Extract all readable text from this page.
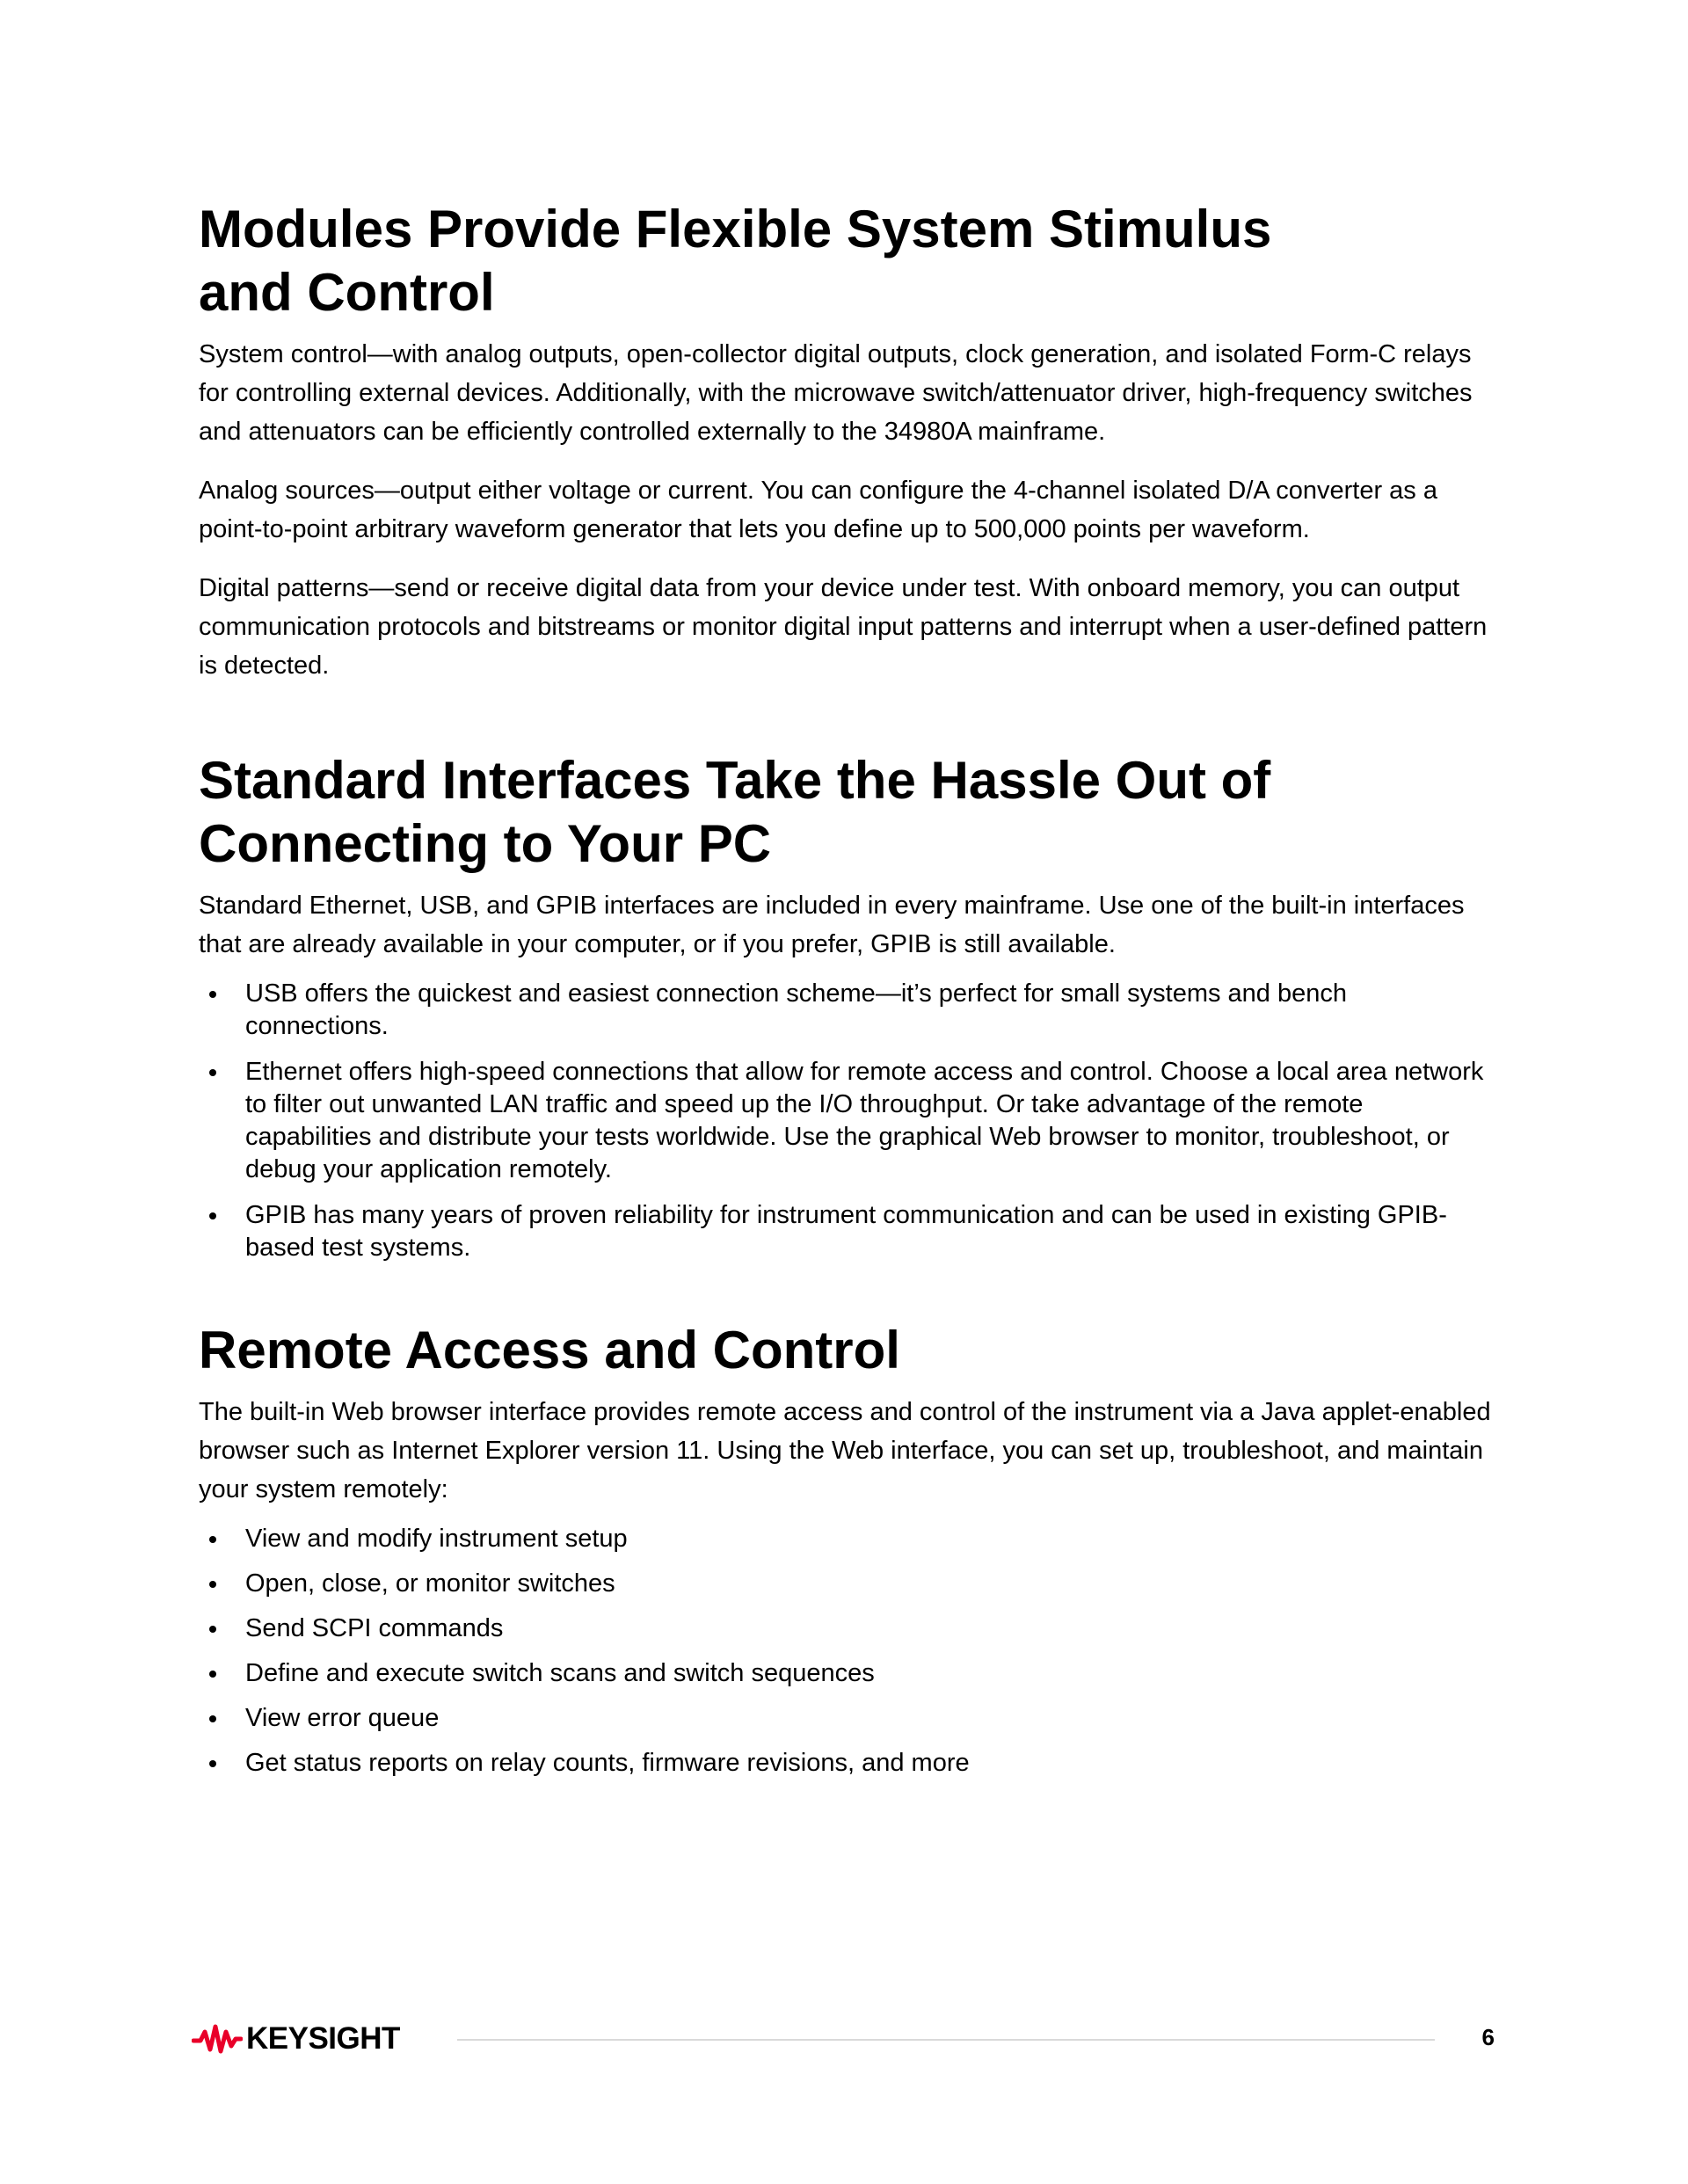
Modules Provide Flexible System Stimulus
and Control

System control—with analog outputs, open-collector digital outputs, clock generation, and isolated Form-C relays for controlling external devices. Additionally, with the microwave switch/attenuator driver, high-frequency switches and attenuators can be efficiently controlled externally to the 34980A mainframe.

Analog sources—output either voltage or current. You can configure the 4-channel isolated D/A converter as a point-to-point arbitrary waveform generator that lets you define up to 500,000 points per waveform.

Digital patterns—send or receive digital data from your device under test. With onboard memory, you can output communication protocols and bitstreams or monitor digital input patterns and interrupt when a user-defined pattern is detected.

Standard Interfaces Take the Hassle Out of
Connecting to Your PC

Standard Ethernet, USB, and GPIB interfaces are included in every mainframe. Use one of the built-in interfaces that are already available in your computer, or if you prefer, GPIB is still available.

USB offers the quickest and easiest connection scheme—it’s perfect for small systems and bench connections.
Ethernet offers high-speed connections that allow for remote access and control. Choose a local area network to filter out unwanted LAN traffic and speed up the I/O throughput. Or take advantage of the remote capabilities and distribute your tests worldwide. Use the graphical Web browser to monitor, troubleshoot, or debug your application remotely.
GPIB has many years of proven reliability for instrument communication and can be used in existing GPIB-based test systems.
Remote Access and Control

The built-in Web browser interface provides remote access and control of the instrument via a Java applet-enabled browser such as Internet Explorer version 11. Using the Web interface, you can set up, troubleshoot, and maintain your system remotely:

View and modify instrument setup
Open, close, or monitor switches
Send SCPI commands
Define and execute switch scans and switch sequences
View error queue
Get status reports on relay counts, firmware revisions, and more
KEYSIGHT	6
